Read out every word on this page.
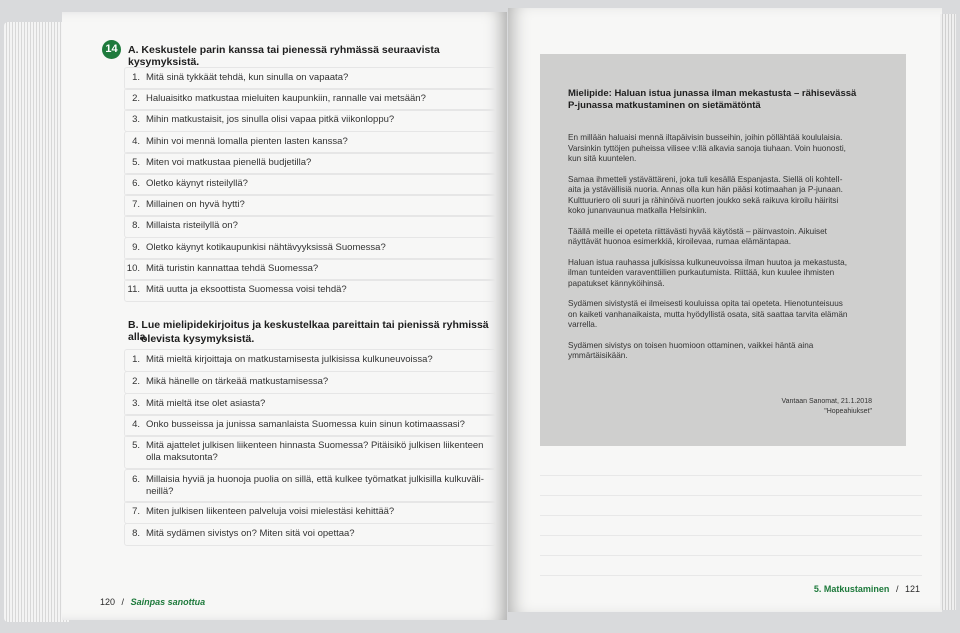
14 A. Keskustele parin kanssa tai pienessä ryhmässä seuraavista kysymyksistä.
1. Mitä sinä tykkäät tehdä, kun sinulla on vapaata?
2. Haluaisitko matkustaa mieluiten kaupunkiin, rannalle vai metsään?
3. Mihin matkustaisit, jos sinulla olisi vapaa pitkä viikonloppu?
4. Mihin voi mennä lomalla pienten lasten kanssa?
5. Miten voi matkustaa pienellä budjetilla?
6. Oletko käynyt risteilyllä?
7. Millainen on hyvä hytti?
8. Millaista risteilyllä on?
9. Oletko käynyt kotikaupunkisi nähtävyyksissä Suomessa?
10. Mitä turistin kannattaa tehdä Suomessa?
11. Mitä uutta ja eksoottista Suomessa voisi tehdä?
B. Lue mielipidekirjoitus ja keskustelkaa pareittain tai pienissä ryhmissä alla
olevista kysymyksistä.
1. Mitä mieltä kirjoittaja on matkustamisesta julkisissa kulkuneuvoissa?
2. Mikä hänelle on tärkeää matkustamisessa?
3. Mitä mieltä itse olet asiasta?
4. Onko busseissa ja junissa samanlaista Suomessa kuin sinun kotimaassasi?
5. Mitä ajattelet julkisen liikenteen hinnasta Suomessa? Pitäisikö julkisen liikenteen
olla maksutonta?
6. Millaisia hyviä ja huonoja puolia on sillä, että kulkee työmatkat julkisilla kulkuväli-
neillä?
7. Miten julkisen liikenteen palveluja voisi mielestäsi kehittää?
8. Mitä sydämen sivistys on? Miten sitä voi opettaa?
120 / Sainpas sanottua
Mielipide: Haluan istua junassa ilman mekastusta – rähisevässä
P-junassa matkustaminen on sietämätöntä
En millään haluaisi mennä iltapäivisin busseihin, joihin pöllähtää koululaisia.
Varsinkin tyttöjen puheissa vilisee v:llä alkavia sanoja tiuhaan. Voin huonosti,
kun sitä kuuntelen.
Samaa ihmetteli ystävättäreni, joka tuli kesällä Espanjasta. Siellä oli kohtelI-
aita ja ystävällisiä nuoria. Annas olla kun hän pääsi kotimaahan ja P-junaan.
Kulttuuriero oli suuri ja rähinöivä nuorten joukko sekä raikuva kiroilu häiritsi
koko junanvaunua matkalla Helsinkiin.
Täällä meille ei opeteta riittävästi hyvää käytöstä – päinvastoin. Aikuiset
näyttävät huonoa esimerkkiä, kiroilevaa, rumaa elämäntapaa.
Haluan istua rauhassa julkisissa kulkuneuvoissa ilman huutoa ja mekastusta,
ilman tunteiden varaventtiilien purkautumista. Riittää, kun kuulee ihmisten
papatukset kännyköihinsä.
Sydämen sivistystä ei ilmeisesti kouluissa opita tai opeteta. Hienotunteisuus
on kaiketi vanhanaikaista, mutta hyödyllistä osata, sitä saattaa tarvita elämän
varrella.
Sydämen sivistys on toisen huomioon ottaminen, vaikkei häntä aina
ymmärtäisikään.
Vantaan Sanomat, 21.1.2018
"Hopeahiukset"
5. Matkustaminen / 121
